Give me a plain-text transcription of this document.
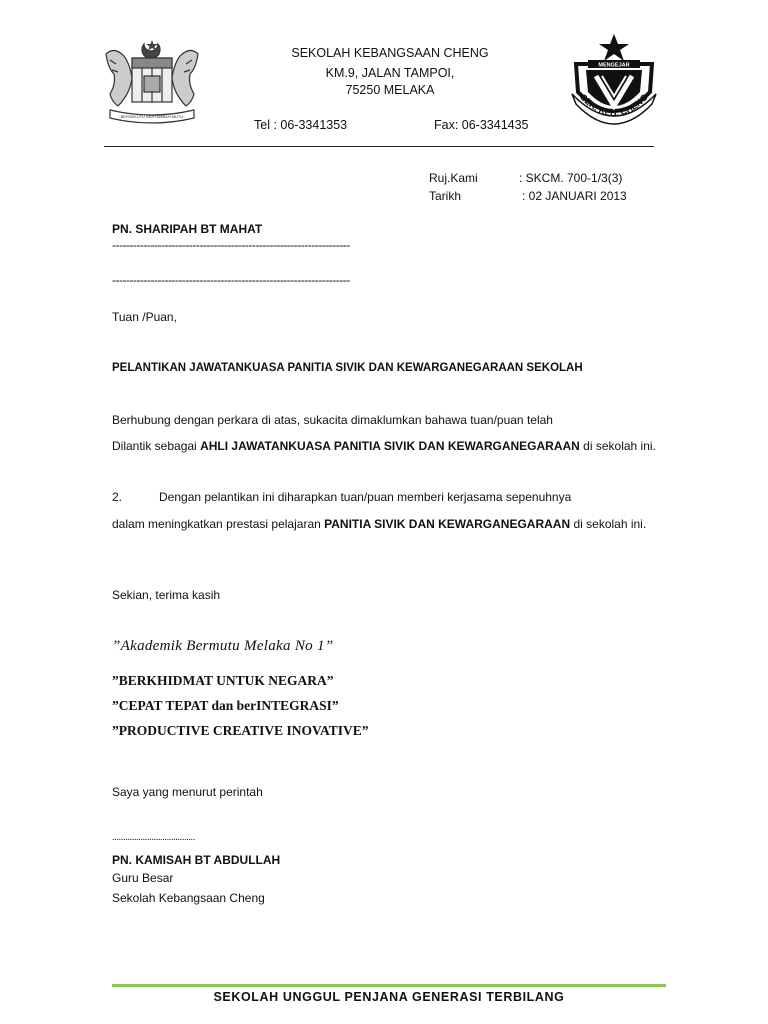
BERSEKUTU BERTAMBAH MUTU
MENGEJAR
SEK. KEB. CHENG
SEKOLAH KEBANGSAAN CHENG
KM.9, JALAN TAMPOI,
75250 MELAKA
Tel : 06-3341353	Fax: 06-3341435
Ruj.Kami	: SKCM. 700-1/3(3)
Tarikh	: 02 JANUARI 2013
PN. SHARIPAH BT MAHAT
--------------------------------------------------------------------
--------------------------------------------------------------------
Tuan /Puan,
PELANTIKAN JAWATANKUASA PANITIA SIVIK DAN KEWARGANEGARAAN SEKOLAH
Berhubung dengan perkara di atas, sukacita dimaklumkan bahawa tuan/puan telah
Dilantik sebagai AHLI JAWATANKUASA PANITIA SIVIK DAN KEWARGANEGARAAN di sekolah ini.
2.	Dengan pelantikan ini diharapkan tuan/puan memberi kerjasama sepenuhnya
dalam meningkatkan prestasi pelajaran PANITIA SIVIK DAN KEWARGANEGARAAN di sekolah ini.
Sekian, terima kasih
”Akademik Bermutu Melaka No 1”
”BERKHIDMAT UNTUK NEGARA”
”CEPAT TEPAT dan berINTEGRASI”
”PRODUCTIVE CREATIVE INOVATIVE”
Saya yang menurut perintah
......................................
PN. KAMISAH BT ABDULLAH
Guru Besar
Sekolah Kebangsaan Cheng
SEKOLAH UNGGUL PENJANA GENERASI TERBILANG
